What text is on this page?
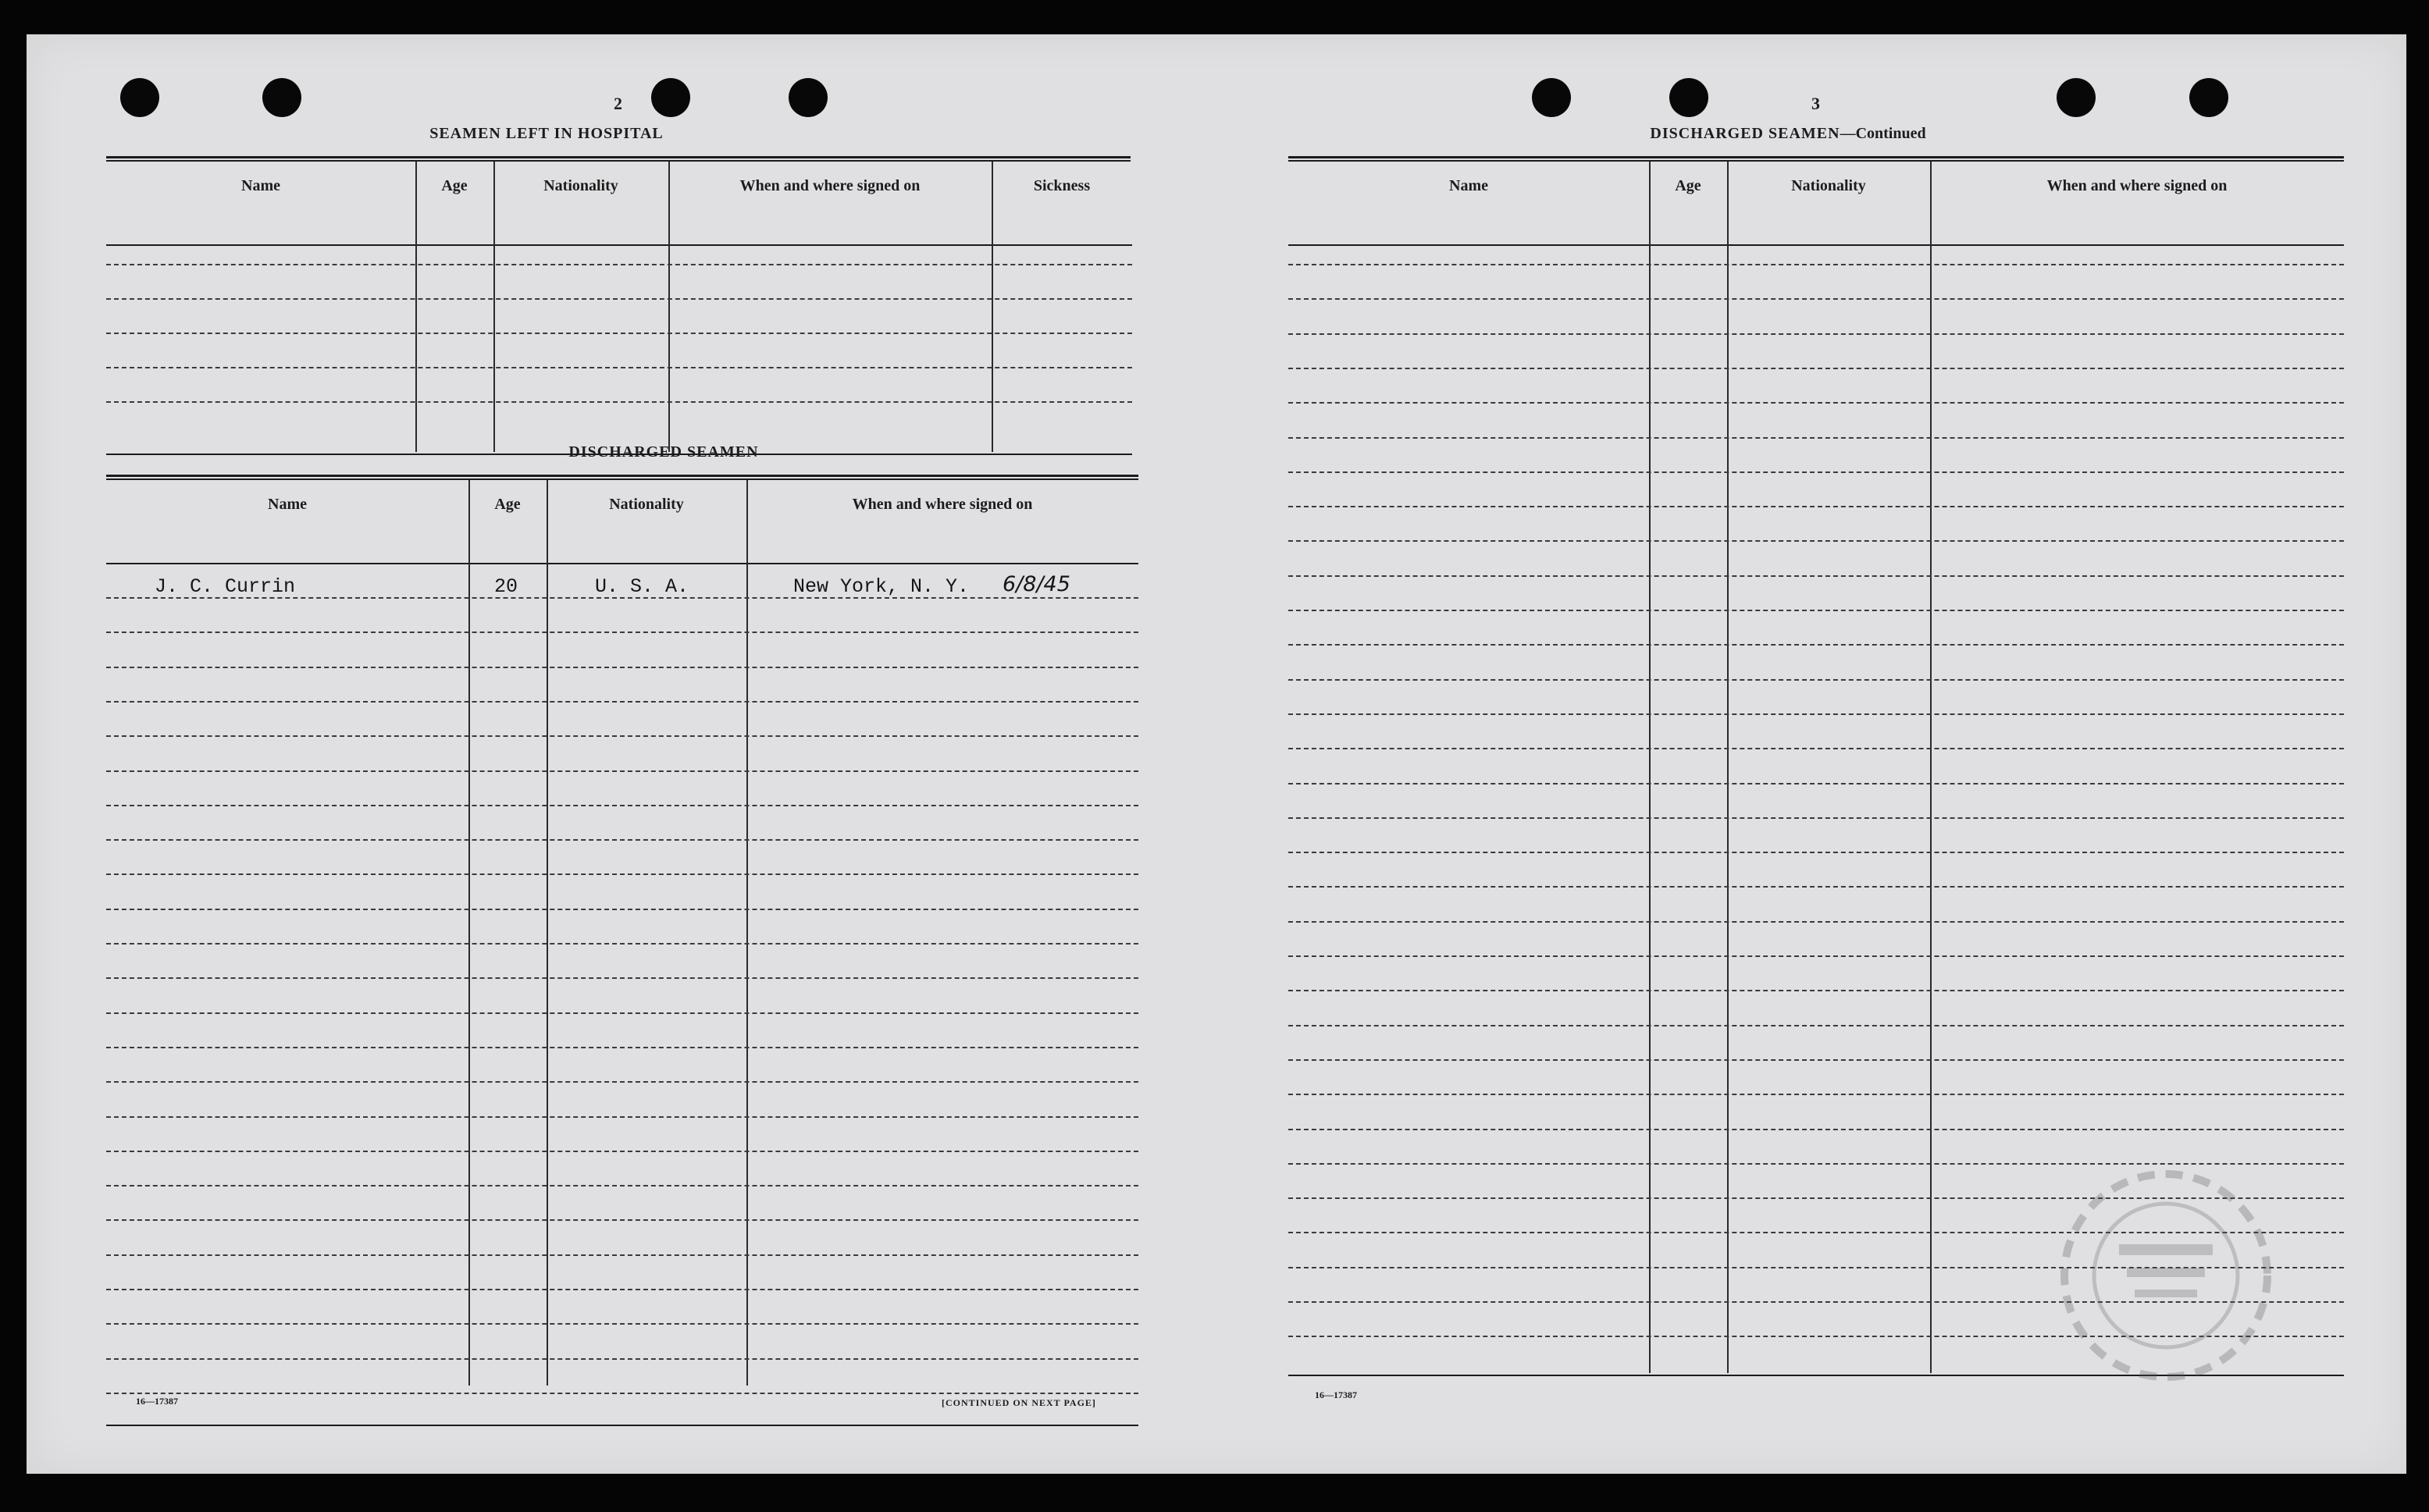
2
SEAMEN LEFT IN HOSPITAL
Name	Age	Nationality	When and where signed on	Sickness
DISCHARGED SEAMEN
Name	Age	Nationality	When and where signed on
J. C. Currin	20	U. S. A.	New York, N. Y. 6/8/45
16—17387	[CONTINUED ON NEXT PAGE]
3
DISCHARGED SEAMEN—Continued
Name	Age	Nationality	When and where signed on
16—17387
